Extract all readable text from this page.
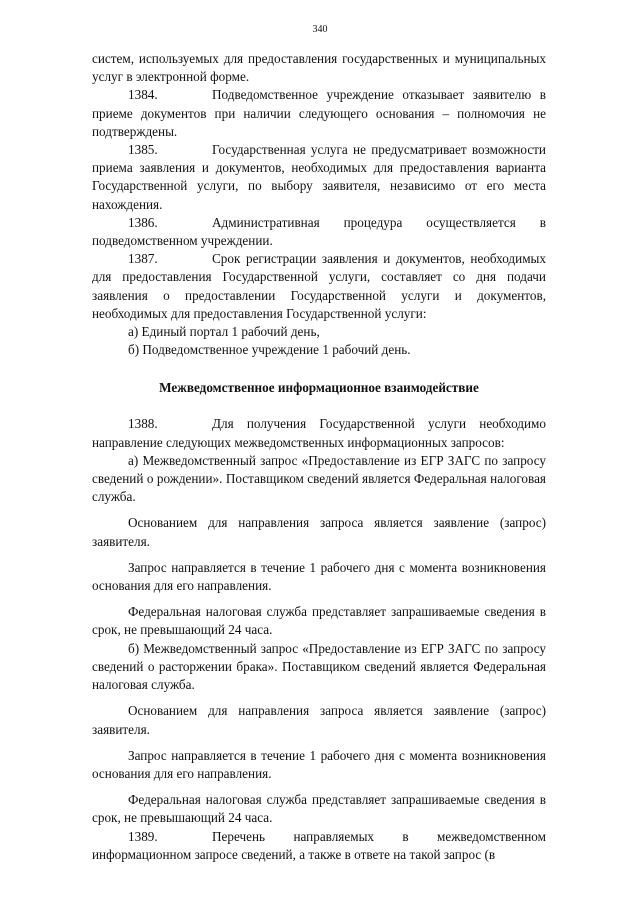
340

систем, используемых для предоставления государственных и муниципальных услуг в электронной форме.

1384.	Подведомственное учреждение отказывает заявителю в приеме документов при наличии следующего основания – полномочия не подтверждены.

1385.	Государственная услуга не предусматривает возможности приема заявления и документов, необходимых для предоставления варианта Государственной услуги, по выбору заявителя, независимо от его места нахождения.

1386.	Административная процедура осуществляется в подведомственном учреждении.

1387.	Срок регистрации заявления и документов, необходимых для предоставления Государственной услуги, составляет со дня подачи заявления о предоставлении Государственной услуги и документов, необходимых для предоставления Государственной услуги:

а) Единый портал 1 рабочий день,

б) Подведомственное учреждение 1 рабочий день.

Межведомственное информационное взаимодействие

1388.	Для получения Государственной услуги необходимо направление следующих межведомственных информационных запросов:

а) Межведомственный запрос «Предоставление из ЕГР ЗАГС по запросу сведений о рождении». Поставщиком сведений является Федеральная налоговая служба.

Основанием для направления запроса является заявление (запрос) заявителя.

Запрос направляется в течение 1 рабочего дня с момента возникновения основания для его направления.

Федеральная налоговая служба представляет запрашиваемые сведения в срок, не превышающий 24 часа.

б) Межведомственный запрос «Предоставление из ЕГР ЗАГС по запросу сведений о расторжении брака». Поставщиком сведений является Федеральная налоговая служба.

Основанием для направления запроса является заявление (запрос) заявителя.

Запрос направляется в течение 1 рабочего дня с момента возникновения основания для его направления.

Федеральная налоговая служба представляет запрашиваемые сведения в срок, не превышающий 24 часа.

1389.	Перечень направляемых в межведомственном информационном запросе сведений, а также в ответе на такой запрос (в
